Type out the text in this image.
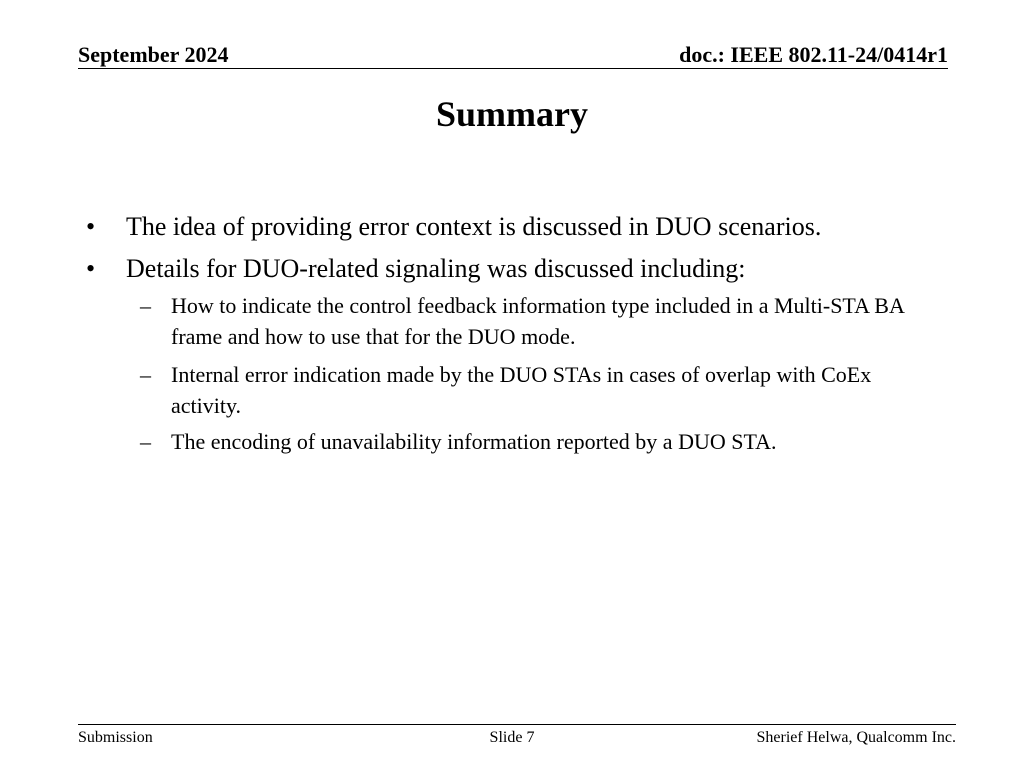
September 2024	doc.: IEEE 802.11-24/0414r1
Summary
• The idea of providing error context is discussed in DUO scenarios.
• Details for DUO-related signaling was discussed including:
– How to indicate the control feedback information type included in a Multi-STA BA frame and how to use that for the DUO mode.
– Internal error indication made by the DUO STAs in cases of overlap with CoEx activity.
– The encoding of unavailability information reported by a DUO STA.
Submission	Slide 7	Sherief Helwa, Qualcomm Inc.
